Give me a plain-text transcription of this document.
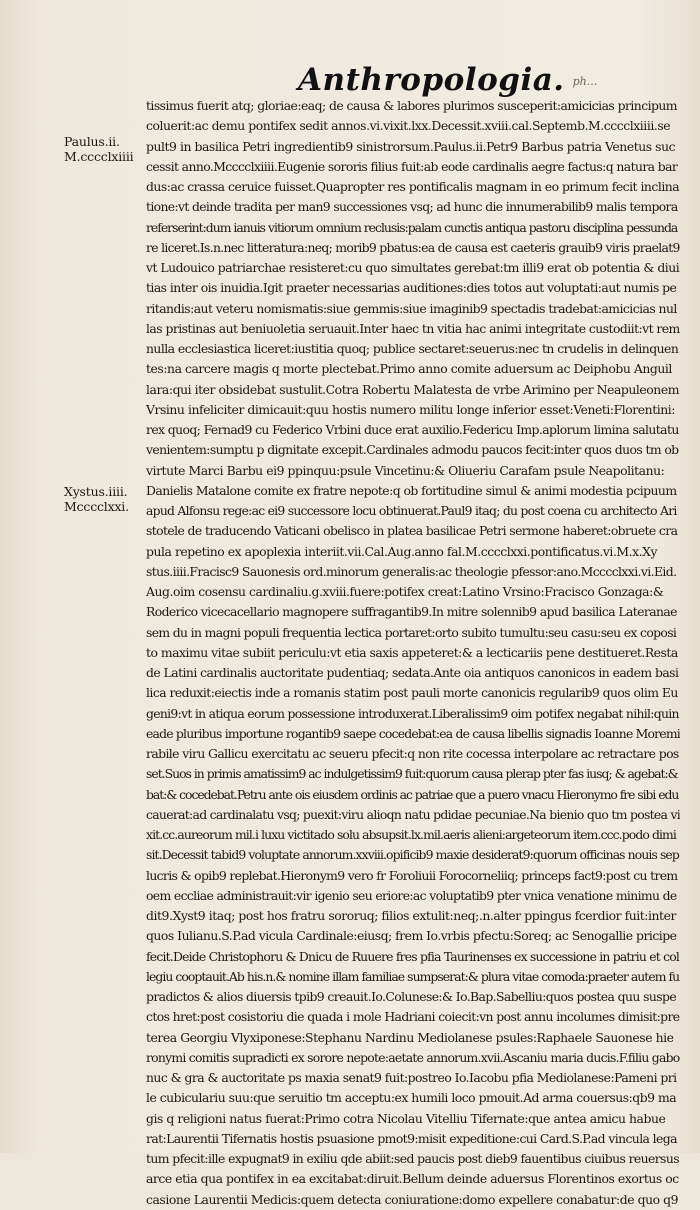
Anthropologia. ph...
Paulus.ii.
M.cccclxiiii
Xystus.iiii.
Mcccclxxi.
tissimus fuerit atq; gloriae:eaq; de causa & labores plurimos susceperit:amicicias principum
coluerit:ac demu pontifex sedit annos.vi.vixit.lxx.Decessit.xviii.cal.Septemb.M.cccclxiiii.se
pult9 in basilica Petri ingredientib9 sinistrorsum.Paulus.ii.Petr9 Barbus patria Venetus suc
cessit anno.Mcccclxiiii.Eugenie sororis filius fuit:ab eode cardinalis aegre factus:q natura bar
dus:ac crassa ceruice fuisset.Quapropter res pontificalis magnam in eo primum fecit inclina
tione:vt deinde tradita per man9 successiones vsq; ad hunc die innumerabilib9 malis tempora
referserint:dum ianuis vitiorum omnium reclusis:palam cunctis antiqua pastoru disciplina pessunda
re liceret.Is.n.nec litteratura:neq; morib9 pbatus:ea de causa est caeteris grauib9 viris praelat9
vt Ludouico patriarchae resisteret:cu quo simultates gerebat:tm illi9 erat ob potentia & diui
tias inter ois inuidia.Igit praeter necessarias auditiones:dies totos aut voluptati:aut numis pe
ritandis:aut veteru nomismatis:siue gemmis:siue imaginib9 spectadis tradebat:amicicias nul
las pristinas aut beniuoletia seruauit.Inter haec tn vitia hac animi integritate custodiit:vt rem
nulla ecclesiastica liceret:iustitia quoq; publice sectaret:seuerus:nec tn crudelis in delinquen
tes:na carcere magis q morte plectebat.Primo anno comite aduersum ac Deiphobu Anguil
lara:qui iter obsidebat sustulit.Cotra Robertu Malatesta de vrbe Arimino per Neapuleonem
Vrsinu infeliciter dimicauit:quu hostis numero militu longe inferior esset:Veneti:Florentini:
rex quoq; Fernad9 cu Federico Vrbini duce erat auxilio.Federicu Imp.aplorum limina salutatu
venientem:sumptu p dignitate excepit.Cardinales admodu paucos fecit:inter quos duos tm ob
virtute Marci Barbu ei9 ppinquu:psule Vincetinu:& Oliueriu Carafam psule Neapolitanu:
Danielis Matalone comite ex fratre nepote:q ob fortitudine simul & animi modestia pcipuum
apud Alfonsu rege:ac ei9 successore locu obtinuerat.Paul9 itaq; du post coena cu architecto Ari
stotele de traducendo Vaticani obelisco in platea basilicae Petri sermone haberet:obruete cra
pula repetino ex apoplexia interiit.vii.Cal.Aug.anno fal.M.cccclxxi.pontificatus.vi.M.x.Xy
stus.iiii.Fracisc9 Sauonesis ord.minorum generalis:ac theologie pfessor:ano.Mcccclxxi.vi.Eid.
Aug.oim cosensu cardinaliu.g.xviii.fuere:potifex creat:Latino Vrsino:Fracisco Gonzaga:&
Roderico vicecacellario magnopere suffragantib9.In mitre solennib9 apud basilica Lateranae
sem du in magni populi frequentia lectica portaret:orto subito tumultu:seu casu:seu ex coposi
to maximu vitae subiit periculu:vt etia saxis appeteret:& a lecticariis pene destitueret.Resta
de Latini cardinalis auctoritate pudentiaq; sedata.Ante oia antiquos canonicos in eadem basi
lica reduxit:eiectis inde a romanis statim post pauli morte canonicis regularib9 quos olim Eu
geni9:vt in atiqua eorum possessione introduxerat.Liberalissim9 oim potifex negabat nihil:quin
eade pluribus importune rogantib9 saepe cocedebat:ea de causa libellis signadis Ioanne Moremi
rabile viru Gallicu exercitatu ac seueru pfecit:q non rite cocessa interpolare ac retractare pos
set.Suos in primis amatissim9 ac indulgetissim9 fuit:quorum causa plerap pter fas iusq; & agebat:&
bat:& cocedebat.Petru ante ois eiusdem ordinis ac patriae que a puero vnacu Hieronymo fre sibi edu
cauerat:ad cardinalatu vsq; puexit:viru alioqn natu pdidae pecuniae.Na bienio quo tm postea vi
xit.cc.aureorum mil.i luxu victitado solu absupsit.lx.mil.aeris alieni:argeteorum item.ccc.podo dimi
sit.Decessit tabid9 voluptate annorum.xxviii.opificib9 maxie desiderat9:quorum officinas nouis sep
lucris & opib9 replebat.Hieronym9 vero fr Foroliuii Forocorneliiq; princeps fact9:post cu trem
oem eccliae administrauit:vir igenio seu eriore:ac voluptatib9 pter vnica venatione minimu de
dit9.Xyst9 itaq; post hos fratru sororuq; filios extulit:neq;.n.alter ppingus fcerdior fuit:inter
quos Iulianu.S.P.ad vicula Cardinale:eiusq; frem Io.vrbis pfectu:Soreq; ac Senogallie pricipe
fecit.Deide Christophoru & Dnicu de Ruuere fres pfia Taurinenses ex successione in patriu et col
legiu cooptauit.Ab his.n.& nomine illam familiae sumpserat:& plura vitae comoda:praeter autem fu
pradictos & alios diuersis tpib9 creauit.Io.Colunese:& Io.Bap.Sabelliu:quos postea quu suspe
ctos hret:post cosistoriu die quada i mole Hadriani coiecit:vn post annu incolumes dimisit:pre
terea Georgiu Vlyxiponese:Stephanu Nardinu Mediolanese psules:Raphaele Sauonese hie
ronymi comitis supradicti ex sorore nepote:aetate annorum.xvii.Ascaniu maria ducis.F.filiu gabo
nuc & gra & auctoritate ps maxia senat9 fuit:postreo Io.Iacobu pfia Mediolanese:Pameni pri
le cubiculariu suu:que seruitio tm acceptu:ex humili loco pmouit.Ad arma couersus:qb9 ma
gis q religioni natus fuerat:Primo cotra Nicolau Vitelliu Tifernate:que antea amicu habue
rat:Laurentii Tifernatis hostis psuasione pmot9:misit expeditione:cui Card.S.P.ad vincula lega
tum pfecit:ille expugnat9 in exiliu qde abiit:sed paucis post dieb9 fauentibus ciuibus reuersus
arce etia qua pontifex in ea excitabat:diruit.Bellum deinde aduersus Florentinos exortus oc
casione Laurentii Medicis:quem detecta coniuratione:domo expellere conabatur:de quo q9
